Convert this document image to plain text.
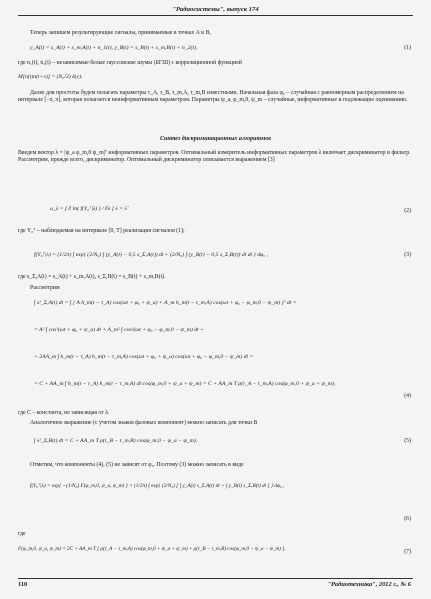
"Радиосистемы", выпуск 174
Теперь запишем результирующие сигналы, принимаемые в точках A и B,
y_A(t) = s_A(t) + s_m,A(t) + n_1(t), y_B(t) = s_B(t) + s_m,B(t) + n_2(t),	(1)
где n₁(t), n₂(t) – независимые белые гауссовские шумы (БГШ) с корреляционной функцией
M[n(t)n(t+v)] = (N₀/2) δ(v).
Далее для простоты будем полагать параметры τ_A, τ_B, τ_m,A, τ_m,B известными. Начальная фаза φ₀ – случайная с равномерным распределением на интервале [−π, π], которая полагается неинформативным параметром. Параметры ψ_a, φ_m,0, ψ_m – случайные, информативные и подлежащие оцениванию.
Синтез дискриминационных алгоритмов
Введем вектор λ = |ψ_a φ_m,0 ψ_m|ᵀ информативных параметров. Оптимальный измеритель информативных параметров λ включает дискриминатор и фильтр. Рассмотрим, прежде всего, дискриминатор. Оптимальный дискриминатор описывается выражением [3]
u_λ = [ ∂ ln( f(Y₀ᵀ|λ) ) / ∂λ ] λ = λ̂	(2)
где Y₀ᵀ – наблюдаемая на интервале [0, T] реализация сигналов (1);
f(Y₀ᵀ|λ) = (1/2π) ∫ exp{ (2/N₀) ∫ (y_A(t) − 0,5 s_Σ,A(t)) dt + (2/N₀) ∫ (y_B(t) − 0,5 s_Σ,B(t)) dt dt } dφ₀ ,	(3)
где s_Σ,A(t) = s_A(t) + s_m,A(t), s_Σ,B(t) = s_B(t) + s_m,B(t).
Рассмотрим
∫ s²_Σ,A(t) dt = ∫ [ A h_m(t − τ_A) cos(ωt + φ₀ + ψ_a) + A_m h_m(t − τ_m,A) cos(ωt + φ₀ − φ_m,0 − ψ_m) ]² dt =
= A² ∫ cos²(ωt + φ₀ + ψ_a) dt + A_m² ∫ cos²(ωt + φ₀ − φ_m,0 − ψ_m) dt +
+ 2AA_m ∫ h_m(t − τ_A) h_m(t − τ_m,A) cos(ωt + φ₀ + ψ_a) cos(ωt + φ₀ − φ_m,0 − ψ_m) dt =
= C + AA_m ∫ h_m(t − τ_A) h_m(t − τ_m,A) dt cos(φ_m,0 + ψ_a + ψ_m) = C + AA_m T ρ(τ_A − τ_m,A) cos(φ_m,0 + ψ_a + ψ_m),
(4)
где C – константа, не зависящая от λ.
Аналогичное выражение (с учетом знаков фазовых компонент) можно записать для точки B
∫ s²_Σ,B(t) dt = C + AA_m T ρ(τ_B − τ_m,B) cos(φ_m,0 − ψ_a − ψ_m).	(5)
Отметим, что компоненты (4), (5) не зависят от φ₀. Поэтому (3) можно записать в виде
f(Y₀ᵀ|λ) = exp{ −(1/N₀) F(φ_m,0, ψ_a, ψ_m) } × (1/2π) ∫ exp{ (2/N₀) [ ∫ y_A(t) s_Σ,A(t) dt + ∫ y_B(t) s_Σ,B(t) dt ] } dφ₀ ,
(6)
где
F(φ_m,0, ψ_a, ψ_m) = 2C + AA_m T [ ρ(τ_A − τ_m,A) cos(φ_m,0 + ψ_a + ψ_m) + ρ(τ_B − τ_m,B) cos(φ_m,0 − ψ_a − ψ_m) ].	(7)
110	"Радиотехника", 2012 г., № 6
